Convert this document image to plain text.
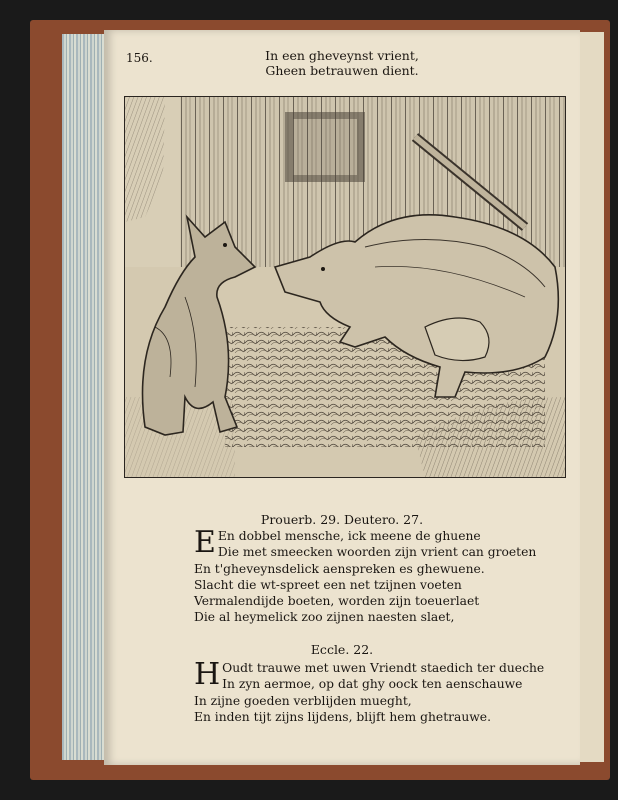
156.	In een gheveynst vrient,
Gheen betrauwen dient.
Prouerb. 29. Deutero. 27.
E En dobbel mensche, ick meene de ghuene

Die met smeecken woorden zijn vrient can groeten

En t'gheveynsdelick aenspreken es ghewuene.

Slacht die wt-spreet een net tzijnen voeten

Vermalendijde boeten, worden zijn toeuerlaet

Die al heymelick zoo zijnen naesten slaet,

Eccle. 22.
H Oudt trauwe met uwen Vriendt staedich ter dueche

In zyn aermoe, op dat ghy oock ten aenschauwe

In zijne goeden verblijden mueght,

En inden tijt zijns lijdens, blijft hem ghetrauwe.
